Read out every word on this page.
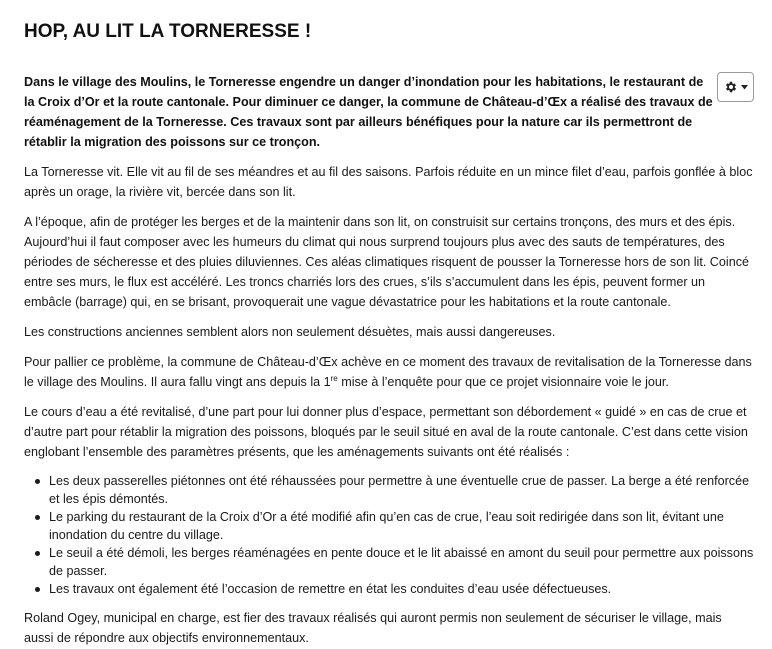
HOP, AU LIT LA TORNERESSE !

Dans le village des Moulins, le Torneresse engendre un danger d’inondation pour les habitations, le restaurant de la Croix d’Or et la route cantonale. Pour diminuer ce danger, la commune de Château-d’Œx a réalisé des travaux de réaménagement de la Torneresse. Ces travaux sont par ailleurs bénéfiques pour la nature car ils permettront de rétablir la migration des poissons sur ce tronçon.

La Torneresse vit. Elle vit au fil de ses méandres et au fil des saisons. Parfois réduite en un mince filet d’eau, parfois gonflée à bloc après un orage, la rivière vit, bercée dans son lit.

A l’époque, afin de protéger les berges et de la maintenir dans son lit, on construisit sur certains tronçons, des murs et des épis. Aujourd’hui il faut composer avec les humeurs du climat qui nous surprend toujours plus avec des sauts de températures, des périodes de sécheresse et des pluies diluviennes. Ces aléas climatiques risquent de pousser la Torneresse hors de son lit. Coincé entre ses murs, le flux est accéléré. Les troncs charriés lors des crues, s’ils s’accumulent dans les épis, peuvent former un embâcle (barrage) qui, en se brisant, provoquerait une vague dévastatrice pour les habitations et la route cantonale.

Les constructions anciennes semblent alors non seulement désuètes, mais aussi dangereuses.

Pour pallier ce problème, la commune de Château-d’Œx achève en ce moment des travaux de revitalisation de la Torneresse dans le village des Moulins. Il aura fallu vingt ans depuis la 1re mise à l’enquête pour que ce projet visionnaire voie le jour.

Le cours d’eau a été revitalisé, d’une part pour lui donner plus d’espace, permettant son débordement « guidé » en cas de crue et d’autre part pour rétablir la migration des poissons, bloqués par le seuil situé en aval de la route cantonale. C’est dans cette vision englobant l’ensemble des paramètres présents, que les aménagements suivants ont été réalisés :

Les deux passerelles piétonnes ont été réhaussées pour permettre à une éventuelle crue de passer. La berge a été renforcée et les épis démontés.
Le parking du restaurant de la Croix d’Or a été modifié afin qu’en cas de crue, l’eau soit redirigée dans son lit, évitant une inondation du centre du village.
Le seuil a été démoli, les berges réaménagées en pente douce et le lit abaissé en amont du seuil pour permettre aux poissons de passer.
Les travaux ont également été l’occasion de remettre en état les conduites d’eau usée défectueuses.

Roland Ogey, municipal en charge, est fier des travaux réalisés qui auront permis non seulement de sécuriser le village, mais aussi de répondre aux objectifs environnementaux.
